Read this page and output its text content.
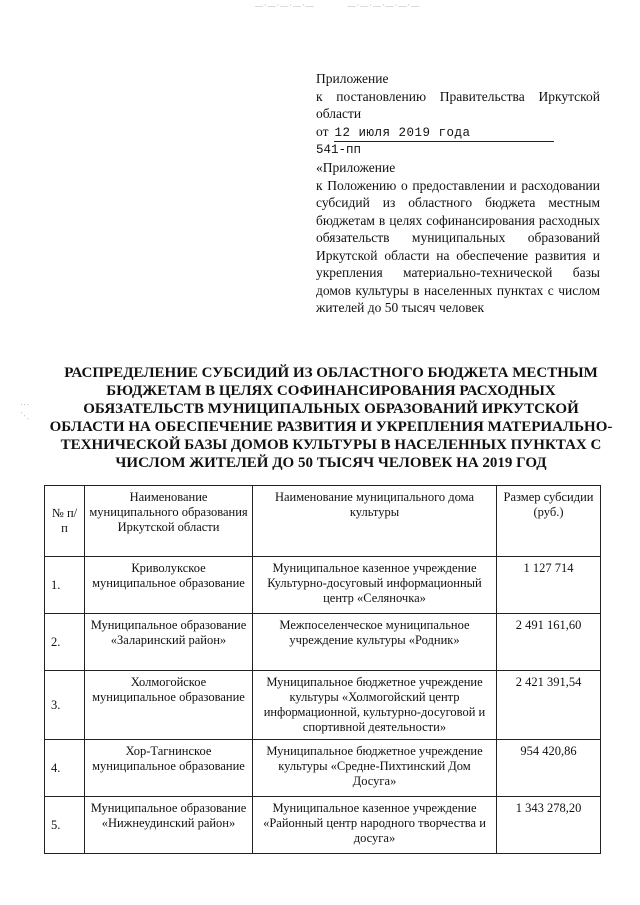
—·—·—·—·—	—·—·—·—·—·—
Приложение
к постановлению Правительства Иркутской области
от 12 июля 2019 года
541-пп
«Приложение
к Положению о предоставлении и расходовании субсидий из областного бюджета местным бюджетам в целях софинансирования расходных обязательств муниципальных образований Иркутской области на обеспечение развития и укрепления материально-технической базы домов культуры в населенных пунктах с числом жителей до 50 тысяч человек
⋮ ⋰
РАСПРЕДЕЛЕНИЕ СУБСИДИЙ ИЗ ОБЛАСТНОГО БЮДЖЕТА МЕСТНЫМ БЮДЖЕТАМ В ЦЕЛЯХ СОФИНАНСИРОВАНИЯ РАСХОДНЫХ ОБЯЗАТЕЛЬСТВ МУНИЦИПАЛЬНЫХ ОБРАЗОВАНИЙ ИРКУТСКОЙ ОБЛАСТИ НА ОБЕСПЕЧЕНИЕ РАЗВИТИЯ И УКРЕПЛЕНИЯ МАТЕРИАЛЬНО-ТЕХНИЧЕСКОЙ БАЗЫ ДОМОВ КУЛЬТУРЫ В НАСЕЛЕННЫХ ПУНКТАХ С ЧИСЛОМ ЖИТЕЛЕЙ ДО 50 ТЫСЯЧ ЧЕЛОВЕК НА 2019 ГОД
№ п/п	Наименование муниципального образования Иркутской области	Наименование муниципального дома культуры	Размер субсидии (руб.)
1.	Криволукское муниципальное образование	Муниципальное казенное учреждение Культурно-досуговый информационный центр «Селяночка»	1 127 714
2.	Муниципальное образование «Заларинский район»	Межпоселенческое муниципальное учреждение культуры «Родник»	2 491 161,60
3.	Холмогойское муниципальное образование	Муниципальное бюджетное учреждение культуры «Холмогойский центр информационной, культурно-досуговой и спортивной деятельности»	2 421 391,54
4.	Хор-Тагнинское муниципальное образование	Муниципальное бюджетное учреждение культуры «Средне-Пихтинский Дом Досуга»	954 420,86
5.	Муниципальное образование «Нижнеудинский район»	Муниципальное казенное учреждение «Районный центр народного творчества и досуга»	1 343 278,20
